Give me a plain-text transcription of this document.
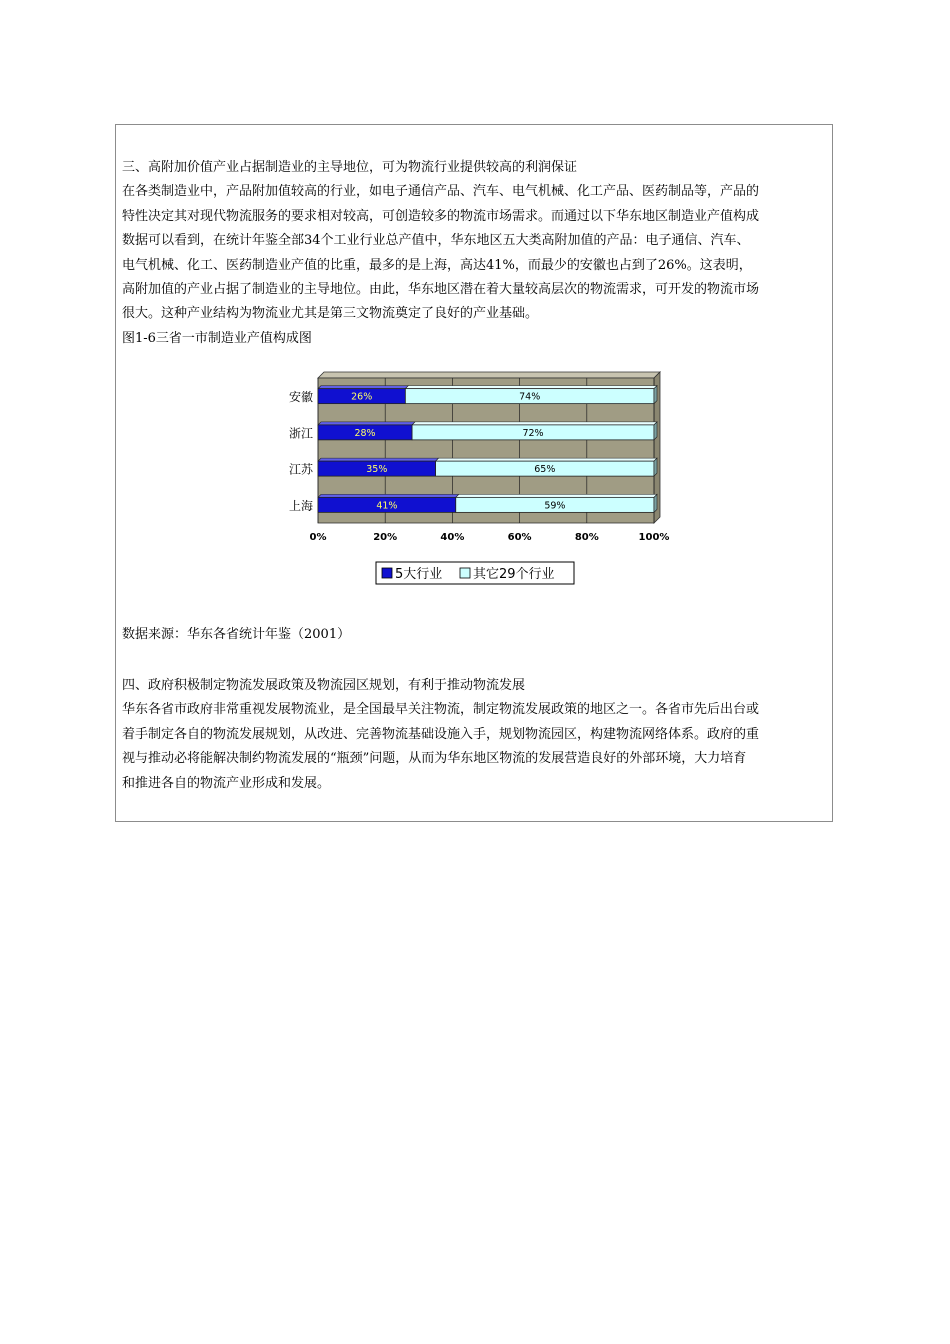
三、高附加价值产业占据制造业的主导地位，可为物流行业提供较高的利润保证

在各类制造业中，产品附加值较高的行业，如电子通信产品、汽车、电气机械、化工产品、医药制品等，产品的

特性决定其对现代物流服务的要求相对较高，可创造较多的物流市场需求。而通过以下华东地区制造业产值构成

数据可以看到，在统计年鉴全部34个工业行业总产值中，华东地区五大类高附加值的产品：电子通信、汽车、

电气机械、化工、医药制造业产值的比重，最多的是上海，高达41%，而最少的安徽也占到了26%。这表明，

高附加值的产业占据了制造业的主导地位。由此，华东地区潜在着大量较高层次的物流需求，可开发的物流市场

很大。这种产业结构为物流业尤其是第三文物流奠定了良好的产业基础。

图1-6三省一市制造业产值构成图

0%	20%	40%	60%	80%	100%
安徽	26%	74%
浙江	28%	72%
江苏	35%	65%
上海	41%	59%
5大行业 其它29个行业
数据来源：华东各省统计年鉴（2001）

四、政府积极制定物流发展政策及物流园区规划，有利于推动物流发展

华东各省市政府非常重视发展物流业，是全国最早关注物流，制定物流发展政策的地区之一。各省市先后出台或

着手制定各自的物流发展规划，从改进、完善物流基础设施入手，规划物流园区，构建物流网络体系。政府的重

视与推动必将能解决制约物流发展的“瓶颈”问题，从而为华东地区物流的发展营造良好的外部环境，大力培育

和推进各自的物流产业形成和发展。
